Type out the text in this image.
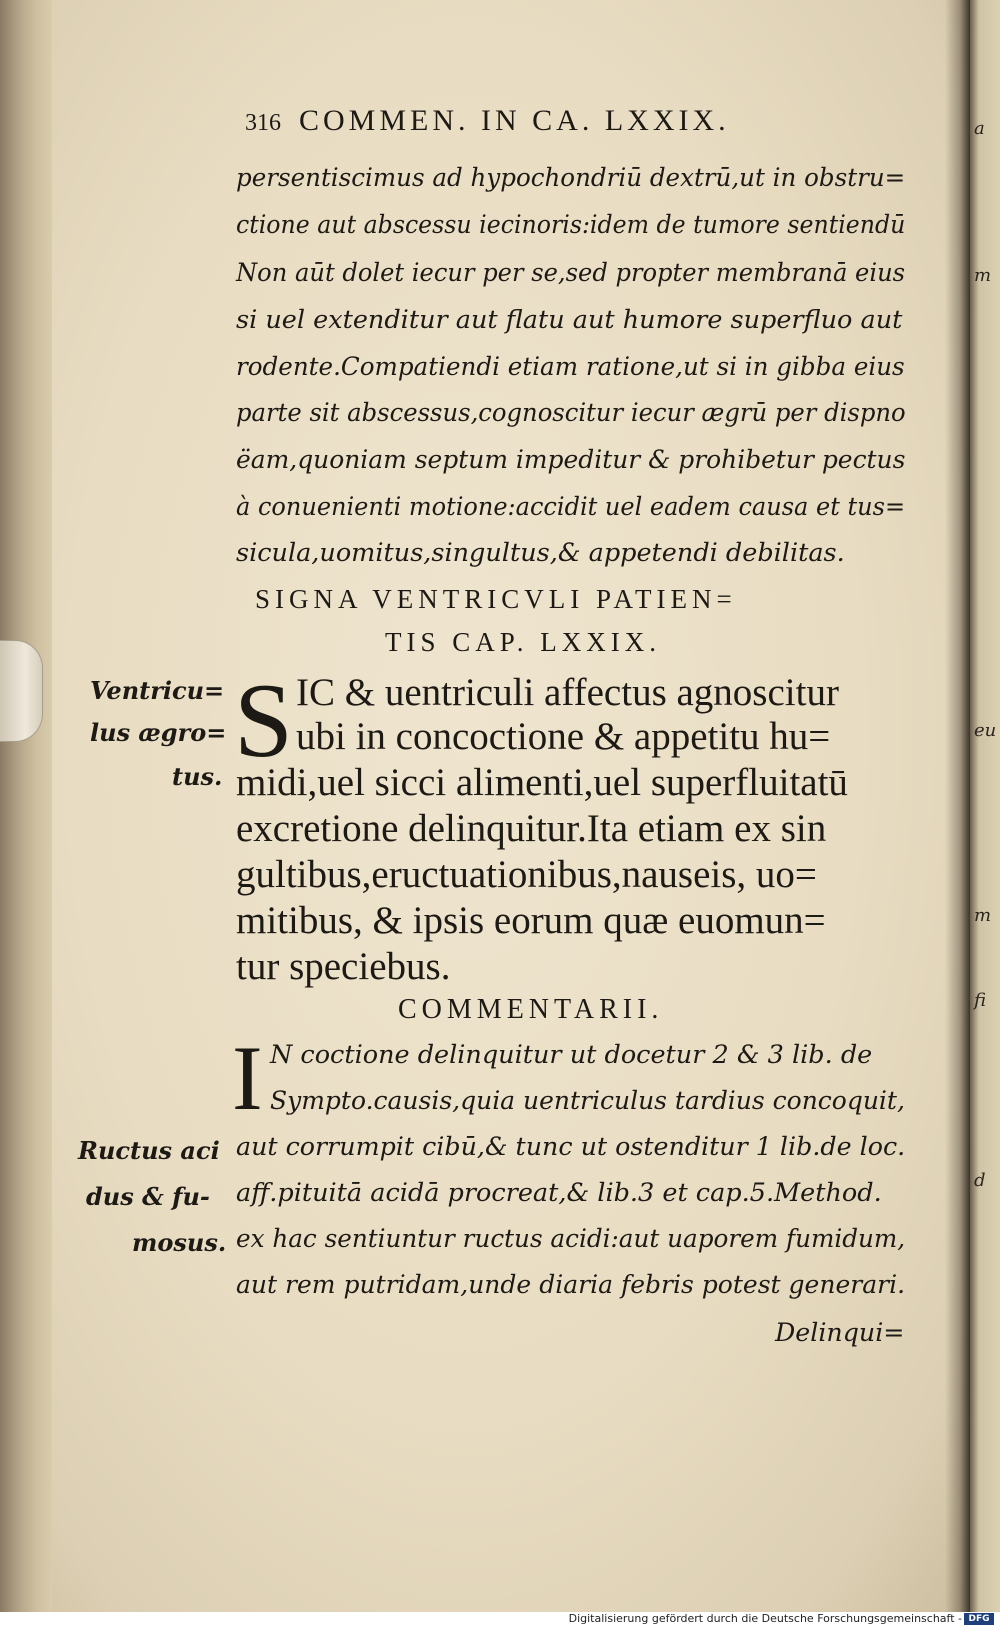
a
m
eu
m
fi
d
316 COMMEN. IN CA. LXXIX.
persentiscimus ad hypochondriū dextrū,ut in obstru=
ctione aut abscessu iecinoris:idem de tumore sentiendū
Non aūt dolet iecur per se,sed propter membranā eius
si uel extenditur aut flatu aut humore superfluo aut
rodente.Compatiendi etiam ratione,ut si in gibba eius
parte sit abscessus,cognoscitur iecur ægrū per dispno
ëam,quoniam septum impeditur & prohibetur pectus
à conuenienti motione:accidit uel eadem causa et tus=
sicula,uomitus,singultus,& appetendi debilitas.
SIGNA VENTRICVLI PATIEN=
TIS CAP. LXXIX.
S IC & uentriculi affectus agnoscitur
ubi in concoctione & appetitu hu=
midi,uel sicci alimenti,uel superfluitatū
excretione delinquitur.Ita etiam ex sin
gultibus,eructuationibus,nauseis, uo=
mitibus, & ipsis eorum quæ euomun=
tur speciebus.
COMMENTARII.
I N coctione delinquitur ut docetur 2 & 3 lib. de
Sympto.causis,quia uentriculus tardius concoquit,
aut corrumpit cibū,& tunc ut ostenditur 1 lib.de loc.
aff.pituitā acidā procreat,& lib.3 et cap.5.Method.
ex hac sentiuntur ructus acidi:aut uaporem fumidum,
aut rem putridam,unde diaria febris potest generari.
Delinqui=
Ventricu=
lus ægro=
tus.
Ructus aci
dus & fu-
mosus.
Digitalisierung gefördert durch die Deutsche Forschungsgemeinschaft - DFG
